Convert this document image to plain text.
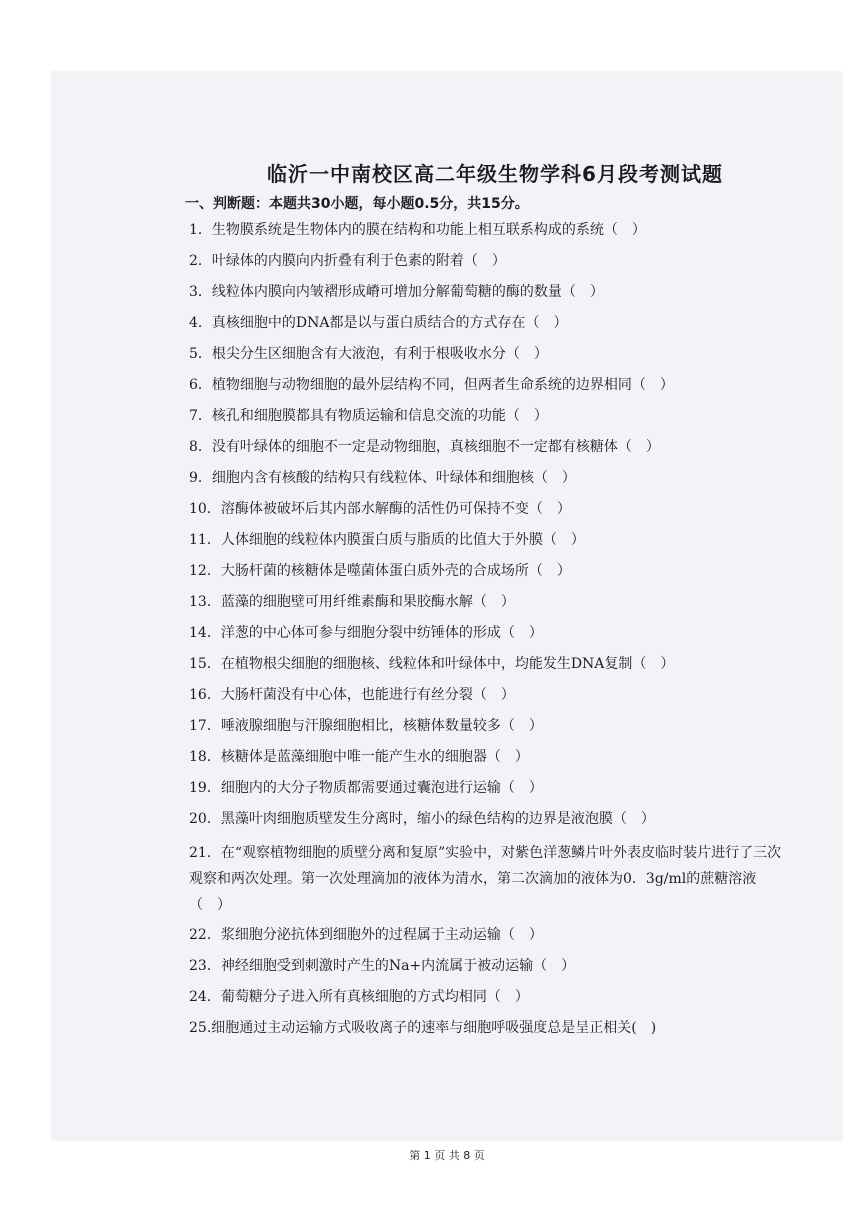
临沂一中南校区高二年级生物学科6月段考测试题
一、判断题：本题共30小题，每小题0.5分，共15分。
1．生物膜系统是生物体内的膜在结构和功能上相互联系构成的系统（　）
2．叶绿体的内膜向内折叠有利于色素的附着（　）
3．线粒体内膜向内皱褶形成嵴可增加分解葡萄糖的酶的数量（　）
4．真核细胞中的DNA都是以与蛋白质结合的方式存在（　）
5．根尖分生区细胞含有大液泡，有利于根吸收水分（　）
6．植物细胞与动物细胞的最外层结构不同，但两者生命系统的边界相同（　）
7．核孔和细胞膜都具有物质运输和信息交流的功能（　）
8．没有叶绿体的细胞不一定是动物细胞，真核细胞不一定都有核糖体（　）
9．细胞内含有核酸的结构只有线粒体、叶绿体和细胞核（　）
10．溶酶体被破坏后其内部水解酶的活性仍可保持不变（　）
11．人体细胞的线粒体内膜蛋白质与脂质的比值大于外膜（　）
12．大肠杆菌的核糖体是噬菌体蛋白质外壳的合成场所（　）
13．蓝藻的细胞壁可用纤维素酶和果胶酶水解（　）
14．洋葱的中心体可参与细胞分裂中纺锤体的形成（　）
15．在植物根尖细胞的细胞核、线粒体和叶绿体中，均能发生DNA复制（　）
16．大肠杆菌没有中心体，也能进行有丝分裂（　）
17．唾液腺细胞与汗腺细胞相比，核糖体数量较多（　）
18．核糖体是蓝藻细胞中唯一能产生水的细胞器（　）
19．细胞内的大分子物质都需要通过囊泡进行运输（　）
20．黑藻叶肉细胞质壁发生分离时，缩小的绿色结构的边界是液泡膜（　）
21．在“观察植物细胞的质壁分离和复原”实验中，对紫色洋葱鳞片叶外表皮临时装片进行了三次观察和两次处理。第一次处理滴加的液体为清水，第二次滴加的液体为0．3g/ml的蔗糖溶液（　）
22．浆细胞分泌抗体到细胞外的过程属于主动运输（　）
23．神经细胞受到刺激时产生的Na+内流属于被动运输（　）
24．葡萄糖分子进入所有真核细胞的方式均相同（　）
25.细胞通过主动运输方式吸收离子的速率与细胞呼吸强度总是呈正相关(　)
第 1 页 共 8 页
